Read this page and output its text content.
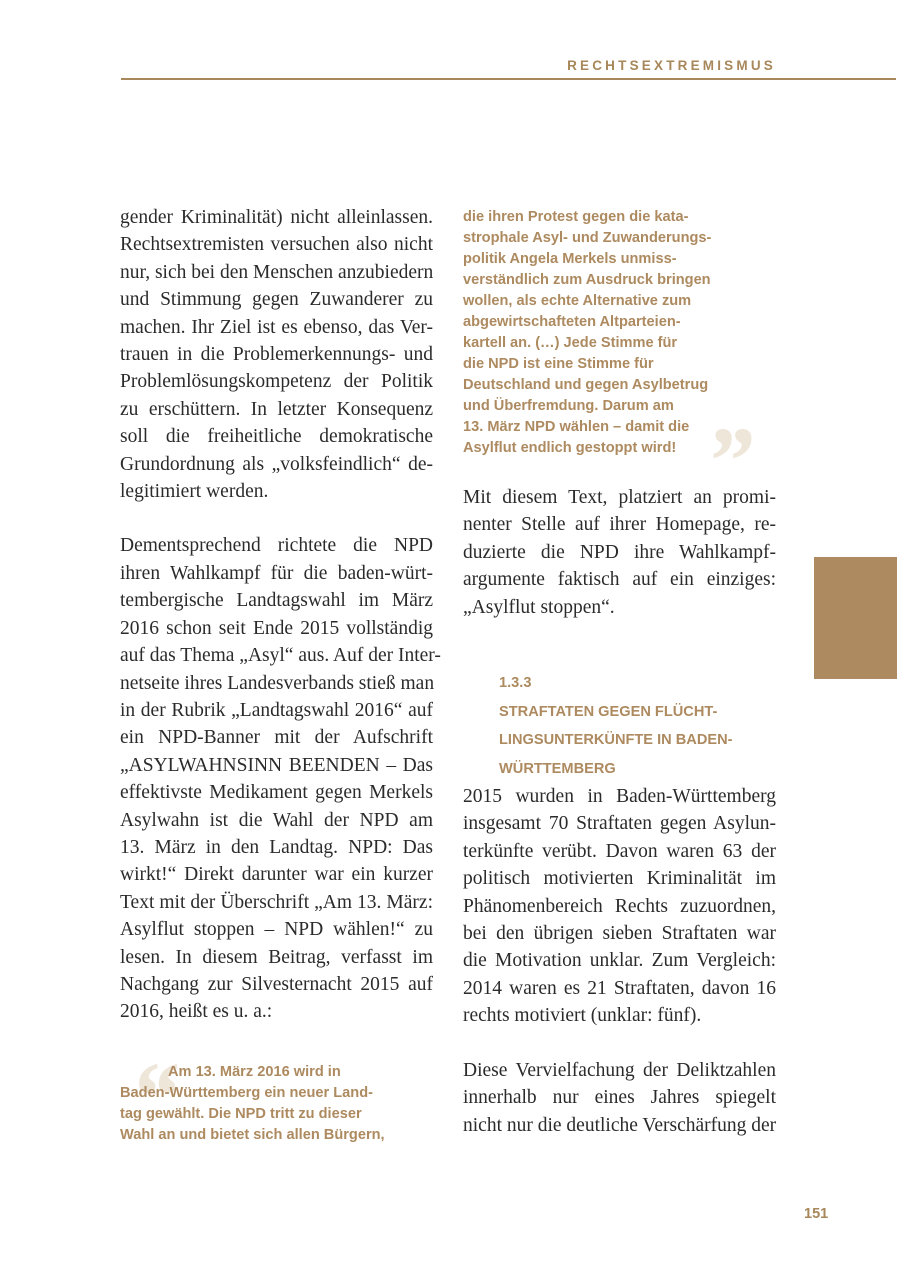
RECHTSEXTREMISMUS

gender Kriminalität) nicht alleinlassen.
Rechtsextremisten versuchen also nicht
nur, sich bei den Menschen anzubiedern
und Stimmung gegen Zuwanderer zu
machen. Ihr Ziel ist es ebenso, das Ver-
trauen in die Problemerkennungs- und
Problemlösungskompetenz der Politik
zu erschüttern. In letzter Konsequenz
soll die freiheitliche demokratische
Grundordnung als „volksfeindlich“ de-
legitimiert werden.

Dementsprechend richtete die NPD
ihren Wahlkampf für die baden-würt-
tembergische Landtagswahl im März
2016 schon seit Ende 2015 vollständig
auf das Thema „Asyl“ aus. Auf der Inter-
netseite ihres Landesverbands stieß man
in der Rubrik „Landtagswahl 2016“ auf
ein NPD-Banner mit der Aufschrift
„ASYLWAHNSINN BEENDEN – Das
effektivste Medikament gegen Merkels
Asylwahn ist die Wahl der NPD am
13. März in den Landtag. NPD: Das
wirkt!“ Direkt darunter war ein kurzer
Text mit der Überschrift „Am 13. März:
Asylflut stoppen – NPD wählen!“ zu
lesen. In diesem Beitrag, verfasst im
Nachgang zur Silvesternacht 2015 auf
2016, heißt es u. a.:

“
Am 13. März 2016 wird in
Baden-Württemberg ein neuer Land-
tag gewählt. Die NPD tritt zu dieser
Wahl an und bietet sich allen Bürgern,
”
die ihren Protest gegen die kata-
strophale Asyl- und Zuwanderungs-
politik Angela Merkels unmiss-
verständlich zum Ausdruck bringen
wollen, als echte Alternative zum
abgewirtschafteten Altparteien-
kartell an. (…) Jede Stimme für
die NPD ist eine Stimme für
Deutschland und gegen Asylbetrug
und Überfremdung. Darum am
13. März NPD wählen – damit die
Asylflut endlich gestoppt wird!

Mit diesem Text, platziert an promi-
nenter Stelle auf ihrer Homepage, re-
duzierte die NPD ihre Wahlkampf-
argumente faktisch auf ein einziges:
„Asylflut stoppen“.

1.3.3
STRAFTATEN GEGEN FLÜCHT-
LINGSUNTERKÜNFTE IN BADEN-
WÜRTTEMBERG

2015 wurden in Baden-Württemberg
insgesamt 70 Straftaten gegen Asylun-
terkünfte verübt. Davon waren 63 der
politisch motivierten Kriminalität im
Phänomenbereich Rechts zuzuordnen,
bei den übrigen sieben Straftaten war
die Motivation unklar. Zum Vergleich:
2014 waren es 21 Straftaten, davon 16
rechts motiviert (unklar: fünf).

Diese Vervielfachung der Deliktzahlen
innerhalb nur eines Jahres spiegelt
nicht nur die deutliche Verschärfung der

151
